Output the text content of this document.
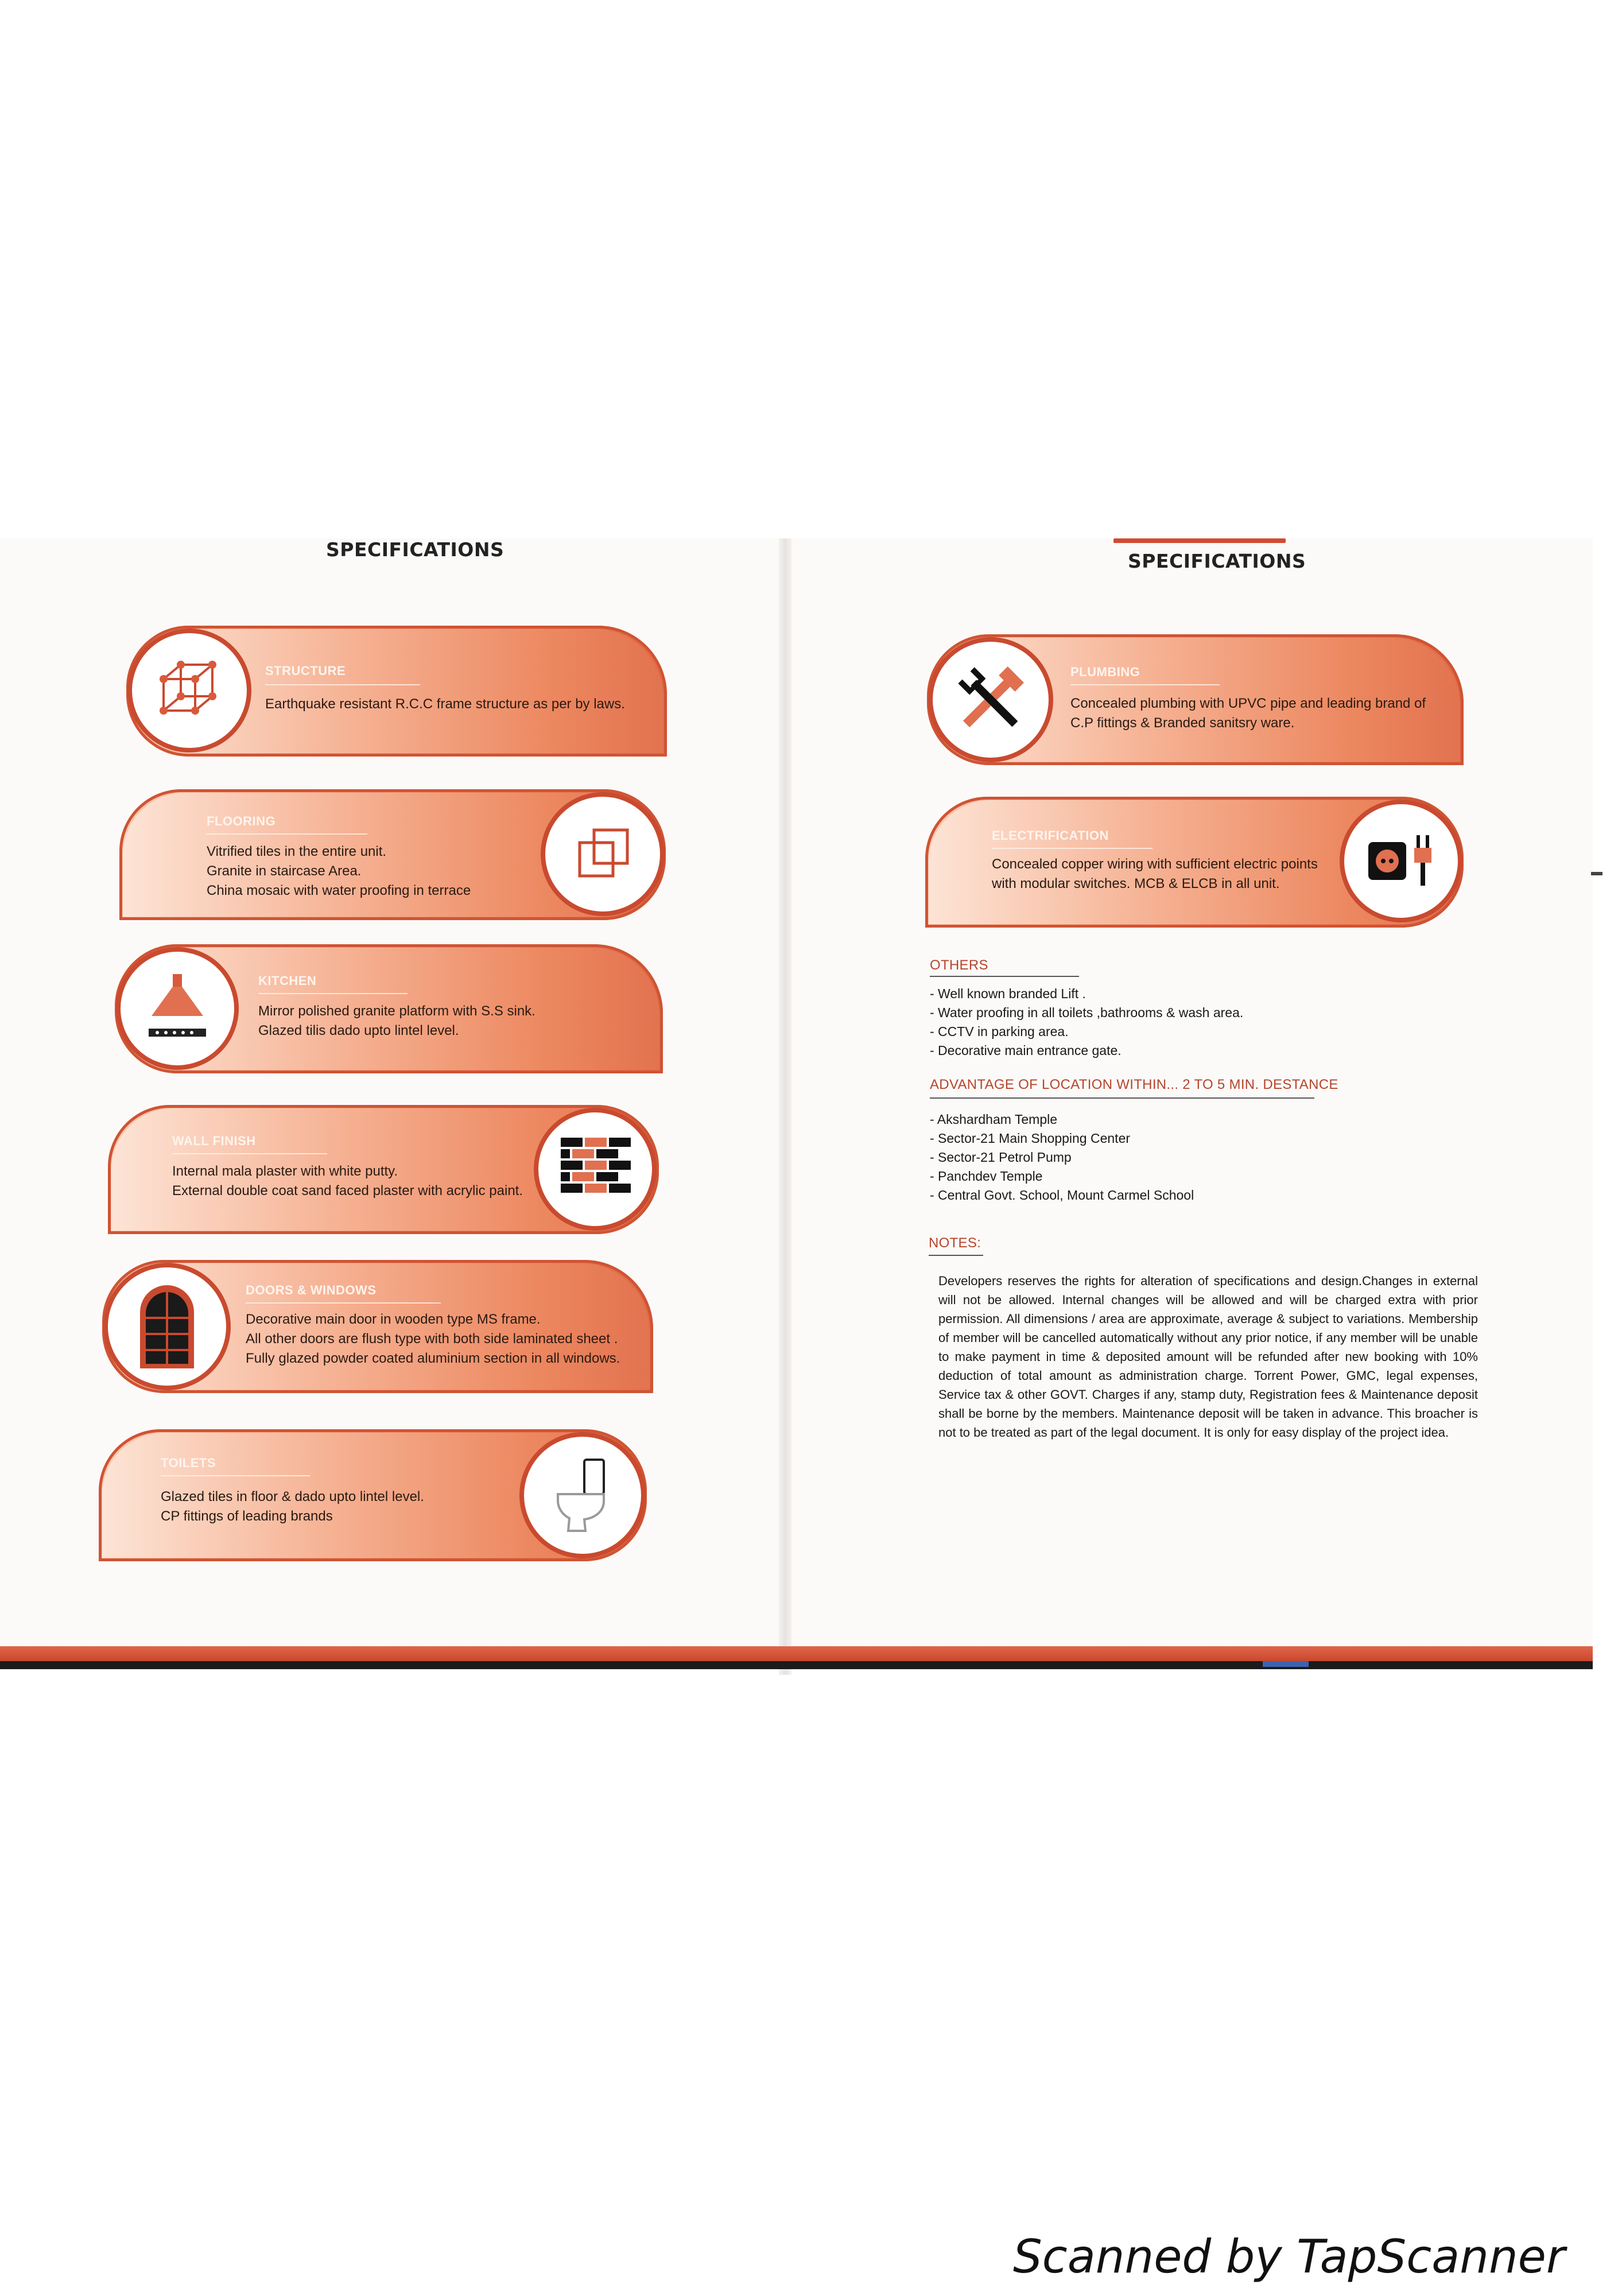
SPECIFICATIONS
STRUCTURE
Earthquake resistant R.C.C frame structure as per by laws.
FLOORING
Vitrified tiles in the entire unit.
Granite in staircase Area.
China mosaic with water proofing in terrace
KITCHEN
Mirror polished granite platform with S.S sink.
Glazed tilis dado upto lintel level.
WALL FINISH
Internal mala plaster with white putty.
External double coat sand faced plaster with acrylic paint.
DOORS & WINDOWS
Decorative main door in wooden type MS frame.
All other doors are flush type with both side laminated sheet .
Fully glazed powder coated aluminium section in all windows.
TOILETS
Glazed tiles in floor & dado upto lintel level.
CP fittings of leading brands
SPECIFICATIONS
PLUMBING
Concealed plumbing with UPVC pipe and leading brand of
C.P fittings & Branded sanitsry ware.
ELECTRIFICATION
Concealed copper wiring with sufficient electric points
with modular switches. MCB & ELCB in all unit.
OTHERS
- Well known branded Lift .
- Water proofing in all toilets ,bathrooms & wash area.
- CCTV in parking area.
- Decorative main entrance gate.
ADVANTAGE OF LOCATION WITHIN... 2 TO 5 MIN. DESTANCE
- Akshardham Temple
- Sector-21 Main Shopping Center
- Sector-21 Petrol Pump
- Panchdev Temple
- Central Govt. School, Mount Carmel School
NOTES:
Developers reserves the rights for alteration of specifications and design.Changes in external will not be allowed. Internal changes will be allowed and will be charged extra with prior permission. All dimensions / area are approximate, average & subject to variations. Membership of member will be cancelled automatically without any prior notice, if any member will be unable to make payment in time & deposited amount will be refunded after new booking with 10% deduction of total amount as administration charge. Torrent Power, GMC, legal expenses, Service tax & other GOVT. Charges if any, stamp duty, Registration fees & Maintenance deposit shall be borne by the members. Maintenance deposit will be taken in advance. This broacher is not to be treated as part of the legal document. It is only for easy display of the project idea.
Scanned by TapScanner
